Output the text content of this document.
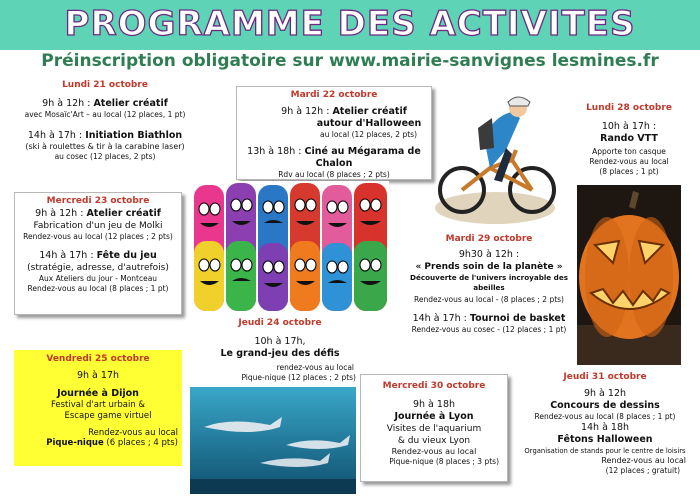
PROGRAMME DES ACTIVITES
Préinscription obligatoire sur www.mairie-sanvignes lesmines.fr
Lundi 21 octobre
9h à 12h : Atelier créatif
avec Mosaïc'Art – au local (12 places, 1 pt)
14h à 17h : Initiation Biathlon
(ski à roulettes & tir à la carabine laser)
au cosec (12 places, 2 pts)
Mardi 22 octobre
9h à 12h : Atelier créatif
autour d'Halloween
au local (12 places, 2 pts)
13h à 18h : Ciné au Mégarama de Chalon
Rdv au local (8 places ; 2 pts)
Lundi 28 octobre
10h à 17h :
Rando VTT
Apporte ton casque
Rendez-vous au local
(8 places ; 1 pt)
Mercredi 23 octobre
9h à 12h : Atelier créatif
Fabrication d'un jeu de Molki
Rendez-vous au local (12 places ; 2 pts)
14h à 17h : Fête du jeu
(stratégie, adresse, d'autrefois)
Aux Ateliers du jour - Montceau
Rendez-vous au local (8 places ; 1 pt)
Mardi 29 octobre
9h30 à 12h :
« Prends soin de la planète »
Découverte de l'univers incroyable des abeilles
Rendez-vous au local - (8 places ; 2 pts)
14h à 17h : Tournoi de basket
Rendez-vous au cosec - (12 places ; 1 pt)
Jeudi 24 octobre
10h à 17h,
Le grand-jeu des défis
rendez-vous au local
Pique-nique (12 places ; 2 pts)
Vendredi 25 octobre
9h à 17h
Journée à Dijon
Festival d'art urbain &
Escape game virtuel
Rendez-vous au local
Pique-nique (6 places ; 4 pts)
Mercredi 30 octobre
9h à 18h
Journée à Lyon
Visites de l'aquarium
& du vieux Lyon
Rendez-vous au local
Pique-nique (8 places ; 3 pts)
Jeudi 31 octobre
9h à 12h
Concours de dessins
Rendez-vous au local (8 places ; 1 pt)
14h à 18h
Fêtons Halloween
Organisation de stands pour le centre de loisirs
Rendez-vous au local
(12 places ; gratuit)
